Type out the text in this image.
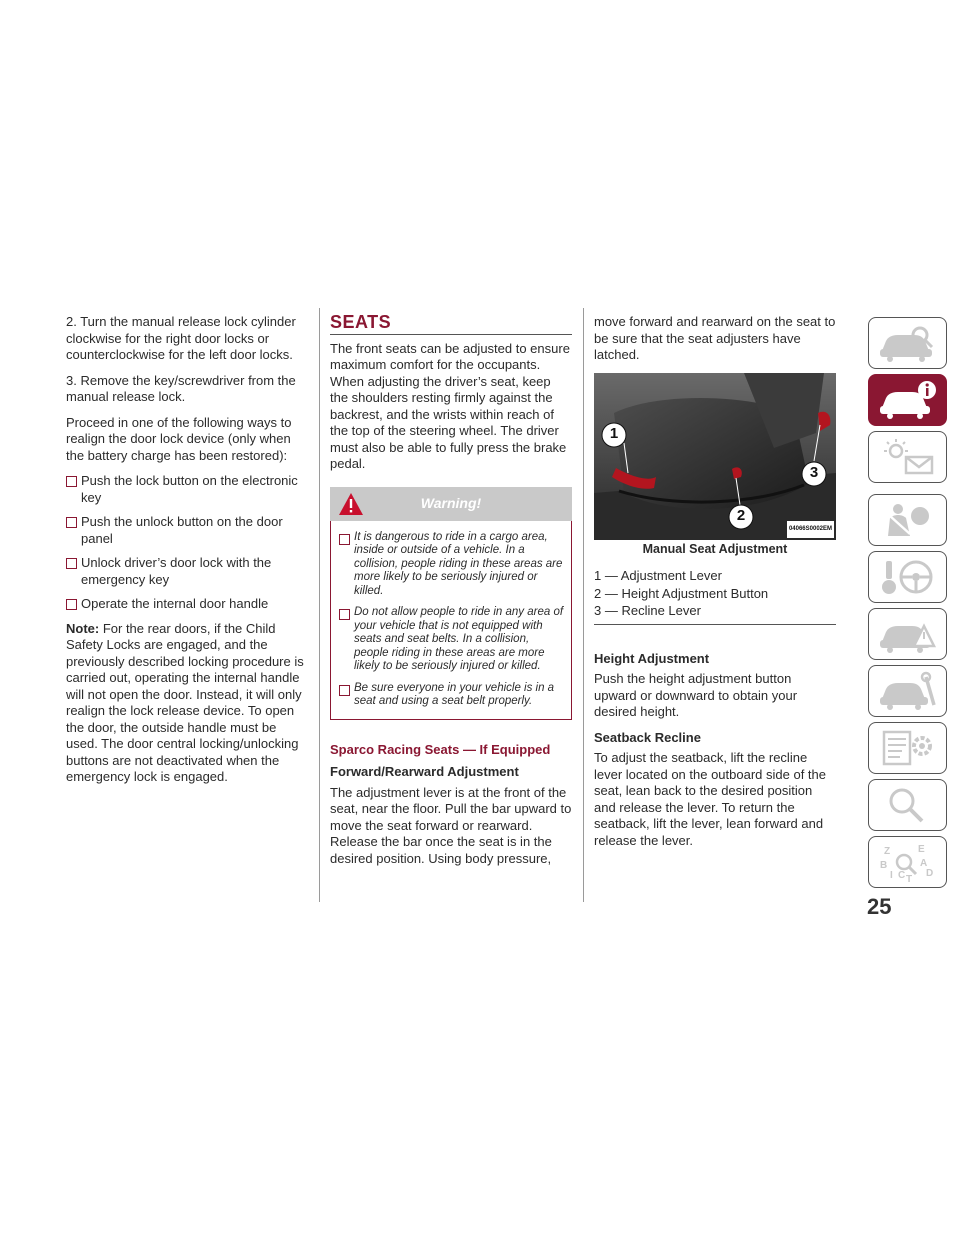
2. Turn the manual release lock cylinder clockwise for the right door locks or counterclockwise for the left door locks.

3. Remove the key/screwdriver from the manual release lock.

Proceed in one of the following ways to realign the door lock device (only when the battery charge has been restored):

Push the lock button on the electronic key
Push the unlock button on the door panel
Unlock driver’s door lock with the emergency key
Operate the internal door handle

Note: For the rear doors, if the Child Safety Locks are engaged, and the previously described locking procedure is carried out, operating the internal handle will not open the door. Instead, it will only realign the lock release device. To open the door, the outside handle must be used. The door central locking/unlocking buttons are not deactivated when the emergency lock is engaged.

SEATS

The front seats can be adjusted to ensure maximum comfort for the occupants. When adjusting the driver’s seat, keep the shoulders resting firmly against the backrest, and the wrists within reach of the top of the steering wheel. The driver must also be able to fully press the brake pedal.

Warning!
It is dangerous to ride in a cargo area, inside or outside of a vehicle. In a collision, people riding in these areas are more likely to be seriously injured or killed.
Do not allow people to ride in any area of your vehicle that is not equipped with seats and seat belts. In a collision, people riding in these areas are more likely to be seriously injured or killed.
Be sure everyone in your vehicle is in a seat and using a seat belt properly.
Sparco Racing Seats — If Equipped
Forward/Rearward Adjustment

The adjustment lever is at the front of the seat, near the floor. Pull the bar upward to move the seat forward or rearward. Release the bar once the seat is in the desired position. Using body pressure,

move forward and rearward on the seat to be sure that the seat adjusters have latched.

1
2
3
04066S0002EM
Manual Seat Adjustment
1 — Adjustment Lever
2 — Height Adjustment Button
3 — Recline Lever
Height Adjustment

Push the height adjustment button upward or downward to obtain your desired height.

Seatback Recline

To adjust the seatback, lift the recline lever located on the outboard side of the seat, lean back to the desired position and release the lever. To return the seatback, lift the lever, lean forward and release the lever.

Z	E
B
I C T
A
D
25
